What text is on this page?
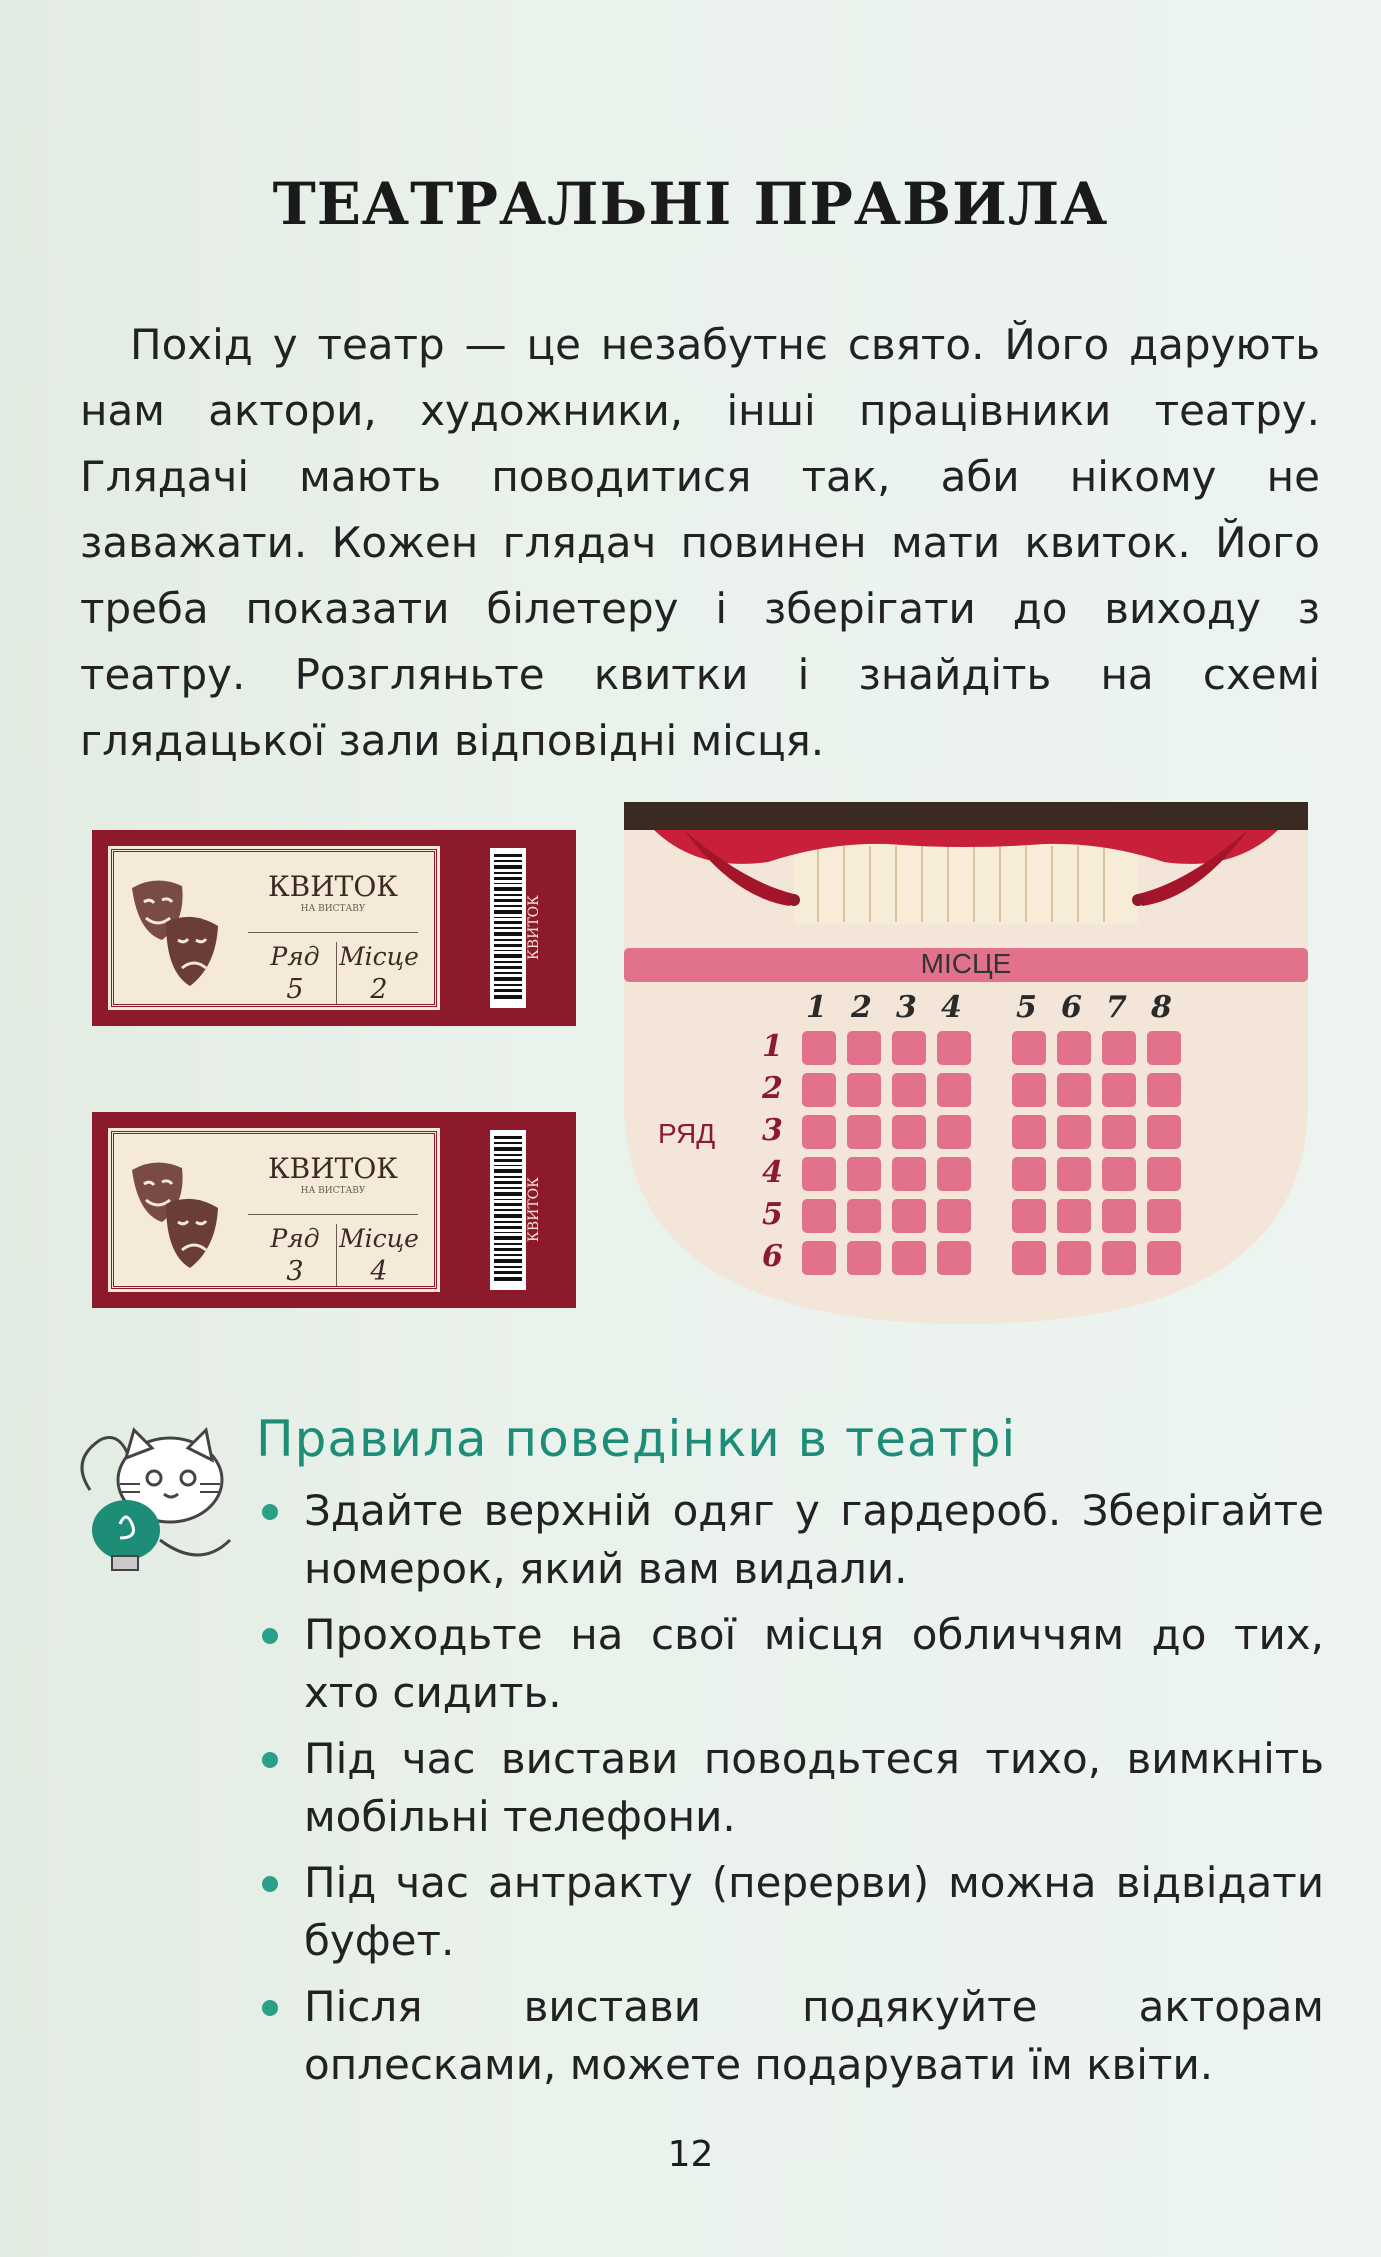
ТЕАТРАЛЬНІ ПРАВИЛА

Похід у театр — це незабутнє свято. Його дарують нам актори, художники, інші працівники театру. Глядачі мають поводитися так, аби нікому не заважати. Кожен глядач повинен мати квиток. Його треба показати білетеру і зберігати до виходу з театру. Розгляньте квитки і знайдіть на схемі глядацької зали відповідні місця.

КВИТОК
НА ВИСТАВУ
Ряд Місце
5	2
КВИТОК
КВИТОК
НА ВИСТАВУ
Ряд Місце
3	4
КВИТОК
МІСЦЕ
РЯД
1 2 3 4 5 6 7 8
1
2
3
4
5
6
Правила поведінки в театрі
Здайте верхній одяг у гардероб. Зберігайте номерок, який вам видали.
Проходьте на свої місця обличчям до тих, хто сидить.
Під час вистави поводьтеся тихо, вимкніть мобільні телефони.
Під час антракту (перерви) можна відвідати буфет.
Після вистави подякуйте акторам оплесками, можете подарувати їм квіти.
12
